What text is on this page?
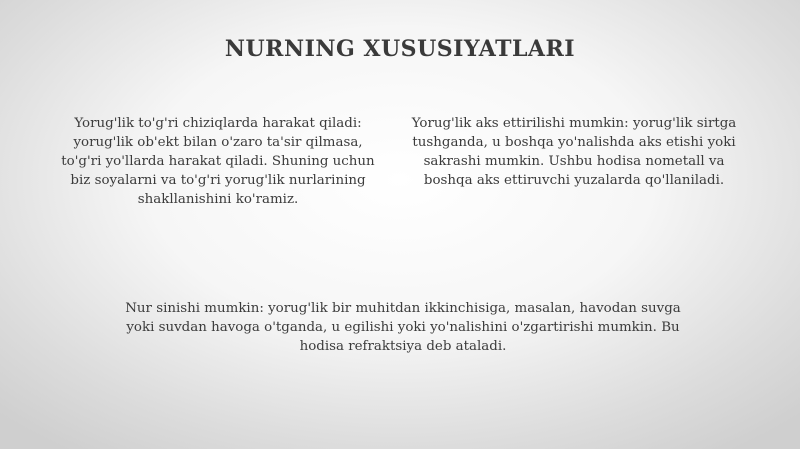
NURNING XUSUSIYATLARI

Yorug'lik to'g'ri chiziqlarda harakat qiladi: yorug'lik ob'ekt bilan o'zaro ta'sir qilmasa, to'g'ri yo'llarda harakat qiladi. Shuning uchun biz soyalarni va to'g'ri yorug'lik nurlarining shakllanishini ko'ramiz.

Yorug'lik aks ettirilishi mumkin: yorug'lik sirtga tushganda, u boshqa yo'nalishda aks etishi yoki sakrashi mumkin. Ushbu hodisa nometall va boshqa aks ettiruvchi yuzalarda qo'llaniladi.

Nur sinishi mumkin: yorug'lik bir muhitdan ikkinchisiga, masalan, havodan suvga yoki suvdan havoga o'tganda, u egilishi yoki yo'nalishini o'zgartirishi mumkin. Bu hodisa refraktsiya deb ataladi.
